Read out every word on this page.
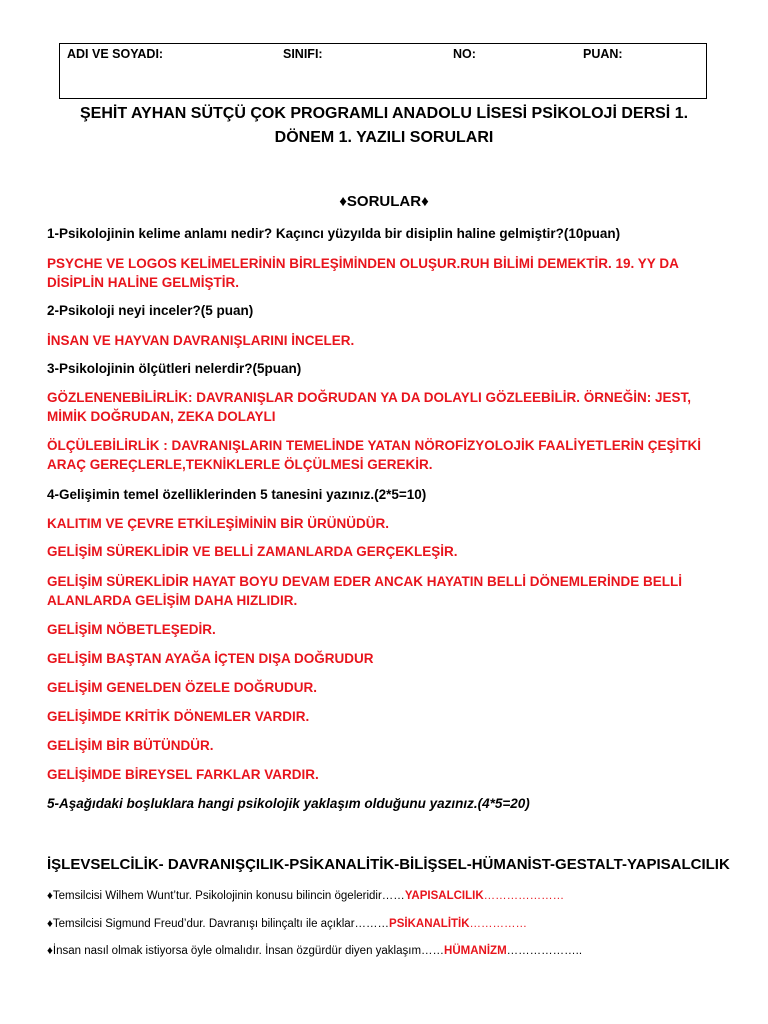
ADI VE SOYADI:	SINIFI:	NO:	PUAN:
ŞEHİT AYHAN SÜTÇÜ ÇOK PROGRAMLI ANADOLU LİSESİ PSİKOLOJİ DERSİ 1.
DÖNEM 1. YAZILI SORULARI
♦SORULAR♦
1-Psikolojinin kelime anlamı nedir? Kaçıncı yüzyılda bir disiplin haline gelmiştir?(10puan)
PSYCHE VE LOGOS KELİMELERİNİN BİRLEŞİMİNDEN OLUŞUR.RUH BİLİMİ DEMEKTİR. 19. YY DA DİSİPLİN HALİNE GELMİŞTİR.
2-Psikoloji neyi inceler?(5 puan)
İNSAN VE HAYVAN DAVRANIŞLARINI İNCELER.
3-Psikolojinin ölçütleri nelerdir?(5puan)
GÖZLENENEBİLİRLİK: DAVRANIŞLAR DOĞRUDAN YA DA DOLAYLI GÖZLEEBİLİR. ÖRNEĞİN: JEST, MİMİK DOĞRUDAN, ZEKA DOLAYLI
ÖLÇÜLEBİLİRLİK : DAVRANIŞLARIN TEMELİNDE YATAN NÖROFİZYOLOJİK FAALİYETLERİN ÇEŞİTKİ ARAÇ GEREÇLERLE,TEKNİKLERLE ÖLÇÜLMESİ GEREKİR.
4-Gelişimin temel özelliklerinden 5 tanesini yazınız.(2*5=10)
KALITIM VE ÇEVRE ETKİLEŞİMİNİN BİR ÜRÜNÜDÜR.
GELİŞİM SÜREKLİDİR VE BELLİ ZAMANLARDA GERÇEKLEŞİR.
GELİŞİM SÜREKLİDİR HAYAT BOYU DEVAM EDER ANCAK HAYATIN BELLİ DÖNEMLERİNDE BELLİ ALANLARDA GELİŞİM DAHA HIZLIDIR.
GELİŞİM NÖBETLEŞEDİR.
GELİŞİM BAŞTAN AYAĞA İÇTEN DIŞA DOĞRUDUR
GELİŞİM GENELDEN ÖZELE DOĞRUDUR.
GELİŞİMDE KRİTİK DÖNEMLER VARDIR.
GELİŞİM BİR BÜTÜNDÜR.
GELİŞİMDE BİREYSEL FARKLAR VARDIR.
5-Aşağıdaki boşluklara hangi psikolojik yaklaşım olduğunu yazınız.(4*5=20)
İŞLEVSELCİLİK- DAVRANIŞÇILIK-PSİKANALİTİK-BİLİŞSEL-HÜMANİST-GESTALT-YAPISALCILIK
♦Temsilcisi Wilhem Wunt’tur. Psikolojinin konusu bilincin ögeleridir……YAPISALCILIK…………………
♦Temsilcisi Sigmund Freud’dur. Davranışı bilinçaltı ile açıklar………PSİKANALİTİK……………
♦İnsan nasıl olmak istiyorsa öyle olmalıdır. İnsan özgürdür diyen yaklaşım……HÜMANİZM………………..
